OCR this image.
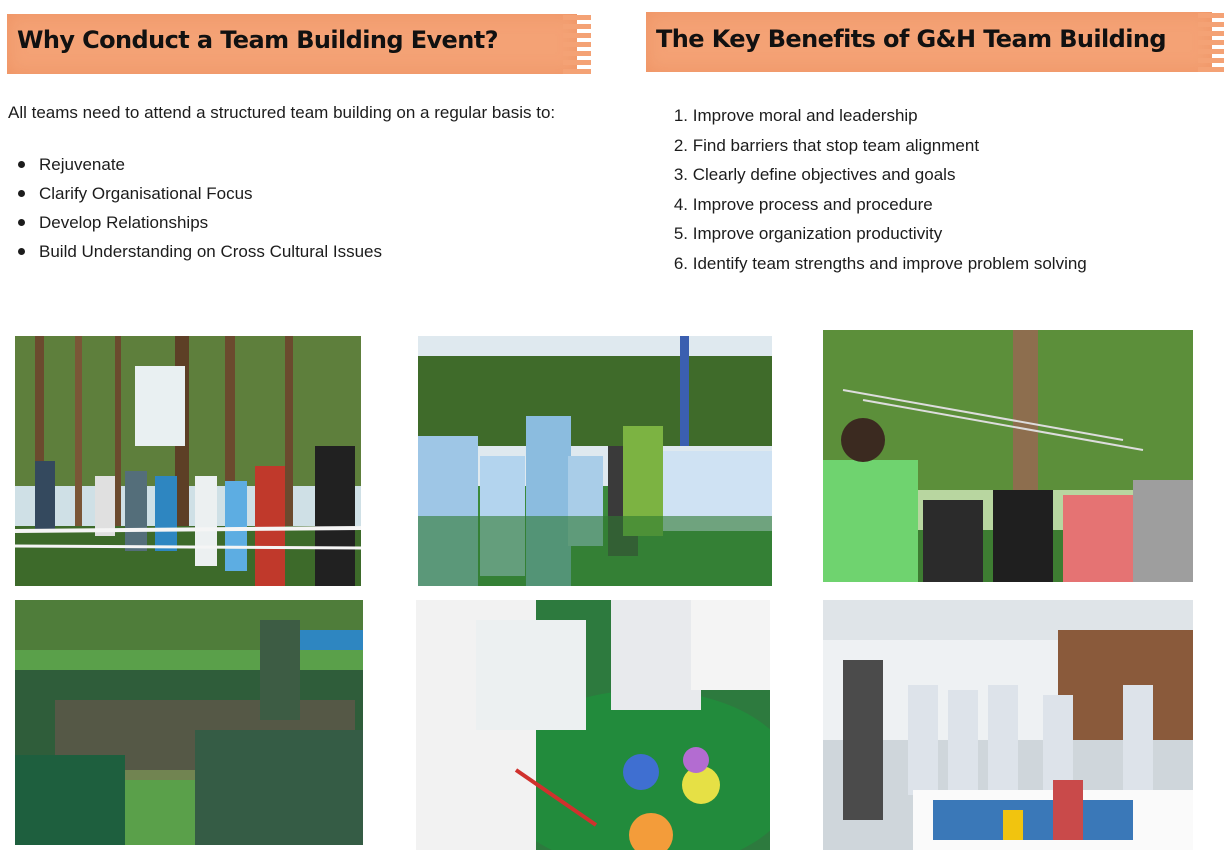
Why Conduct a Team Building Event?	The Key Benefits of G&H Team Building

All teams need to attend a structured team building on a regular basis to:

Rejuvenate
Clarify Organisational Focus
Develop Relationships
Build Understanding on Cross Cultural Issues
1.
Improve moral and leadership
2.
Find barriers that stop team alignment
3.
Clearly define objectives and goals
4.
Improve process and procedure
5.
Improve organization productivity
6.
Identify team strengths and improve problem solving
